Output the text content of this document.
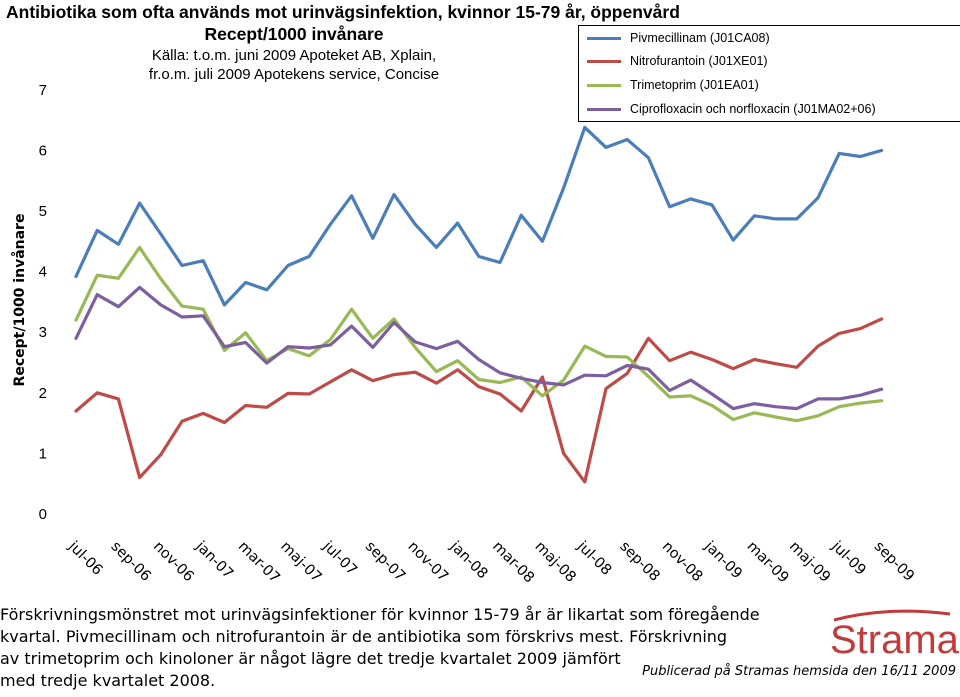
0
1
2
3
4
5
6
7
Recept/1000 invånare
jul-06 sep-06
nov-06
jan-07
mar-07
maj-07
jul-07 sep-07
nov-07
jan-08
mar-08
maj-08
jul-08 sep-08
nov-08
jan-09
mar-09
maj-09
jul-09 sep-09
Antibiotika som ofta används mot urinvägsinfektion, kvinnor 15-79 år, öppenvård
Recept/1000 invånare
Källa: t.o.m. juni 2009 Apoteket AB, Xplain,
fr.o.m. juli 2009 Apotekens service, Concise
Pivmecillinam (J01CA08)
Nitrofurantoin (J01XE01)
Trimetoprim (J01EA01)
Ciprofloxacin och norfloxacin (J01MA02+06)
Förskrivningsmönstret mot urinvägsinfektioner för kvinnor 15-79 år är likartat som föregående
kvartal. Pivmecillinam och nitrofurantoin är de antibiotika som förskrivs mest. Förskrivning
av trimetoprim och kinoloner är något lägre det tredje kvartalet 2009 jämfört
med tredje kvartalet 2008.
Strama
Publicerad på Stramas hemsida den 16/11 2009
